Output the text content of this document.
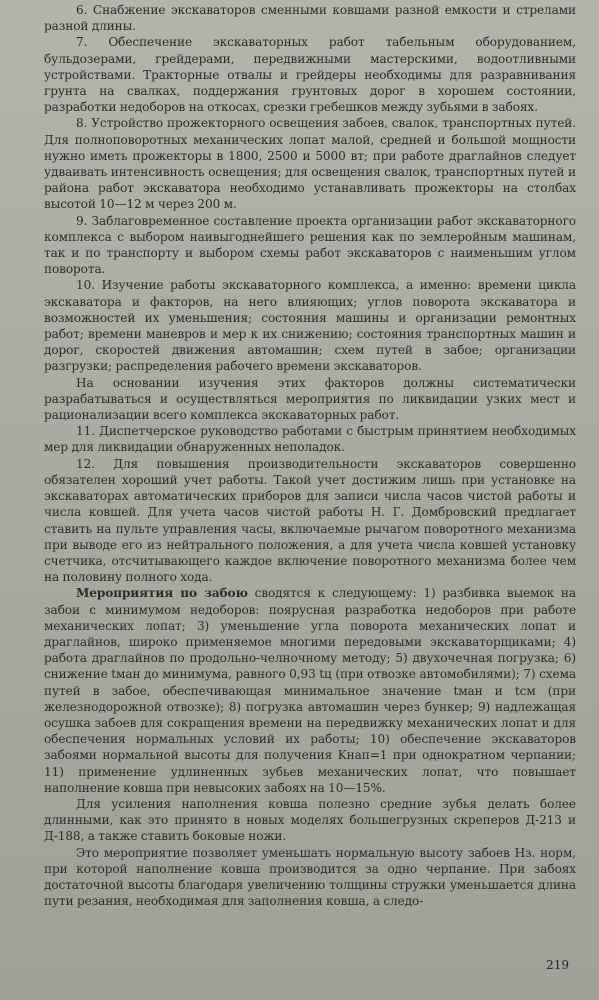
6. Снабжение экскаваторов сменными ковшами разной емкости и стрелами разной длины.

7. Обеспечение экскаваторных работ табельным оборудованием, бульдозерами, грейдерами, передвижными мастерскими, водоотливными устройствами. Тракторные отвалы и грейдеры необходимы для разравнивания грунта на свалках, поддержания грунтовых дорог в хорошем состоянии, разработки недоборов на откосах, срезки гребешков между зубьями в забоях.

8. Устройство прожекторного освещения забоев, свалок, транспортных путей. Для полноповоротных механических лопат малой, средней и большой мощности нужно иметь прожекторы в 1800, 2500 и 5000 вт; при работе драглайнов следует удваивать интенсивность освещения; для освещения свалок, транспортных путей и района работ экскаватора необходимо устанавливать прожекторы на столбах высотой 10—12 м через 200 м.

9. Заблаговременное составление проекта организации работ экскаваторного комплекса с выбором наивыгоднейшего решения как по землеройным машинам, так и по транспорту и выбором схемы работ экскаваторов с наименьшим углом поворота.

10. Изучение работы экскаваторного комплекса, а именно: времени цикла экскаватора и факторов, на него влияющих; углов поворота экскаватора и возможностей их уменьшения; состояния машины и организации ремонтных работ; времени маневров и мер к их снижению; состояния транспортных машин и дорог, скоростей движения автомашин; схем путей в забое; организации разгрузки; распределения рабочего времени экскаваторов.

На основании изучения этих факторов должны систематически разрабатываться и осуществляться мероприятия по ликвидации узких мест и рационализации всего комплекса экскаваторных работ.

11. Диспетчерское руководство работами с быстрым принятием необходимых мер для ликвидации обнаруженных неполадок.

12. Для повышения производительности экскаваторов совершенно обязателен хороший учет работы. Такой учет достижим лишь при установке на экскаваторах автоматических приборов для записи числа часов чистой работы и числа ковшей. Для учета часов чистой работы Н. Г. Домбровский предлагает ставить на пульте управления часы, включаемые рычагом поворотного механизма при выводе его из нейтрального положения, а для учета числа ковшей установку счетчика, отсчитывающего каждое включение поворотного механизма более чем на половину полного хода.

Мероприятия по забою сводятся к следующему: 1) разбивка выемок на забои с минимумом недоборов: поярусная разработка недоборов при работе механических лопат; 3) уменьшение угла поворота механических лопат и драглайнов, широко применяемое многими передовыми экскаваторщиками; 4) работа драглайнов по продольно-челночному методу; 5) двухочечная погрузка; 6) снижение tман до минимума, равного 0,93 tц (при отвозке автомобилями); 7) схема путей в забое, обеспечивающая минимальное значение tман и tсм (при железнодорожной отвозке); 8) погрузка автомашин через бункер; 9) надлежащая осушка забоев для сокращения времени на передвижку механических лопат и для обеспечения нормальных условий их работы; 10) обеспечение экскаваторов забоями нормальной высоты для получения Kнап=1 при однократном черпании; 11) применение удлиненных зубьев механических лопат, что повышает наполнение ковша при невысоких забоях на 10—15%.

Для усиления наполнения ковша полезно средние зубья делать более длинными, как это принято в новых моделях большегрузных скреперов Д-213 и Д-188, а также ставить боковые ножи.

Это мероприятие позволяет уменьшать нормальную высоту забоев Hз. норм, при которой наполнение ковша производится за одно черпание. При забоях достаточной высоты благодаря увеличению толщины стружки уменьшается длина пути резания, необходимая для заполнения ковша, а следо-

219
